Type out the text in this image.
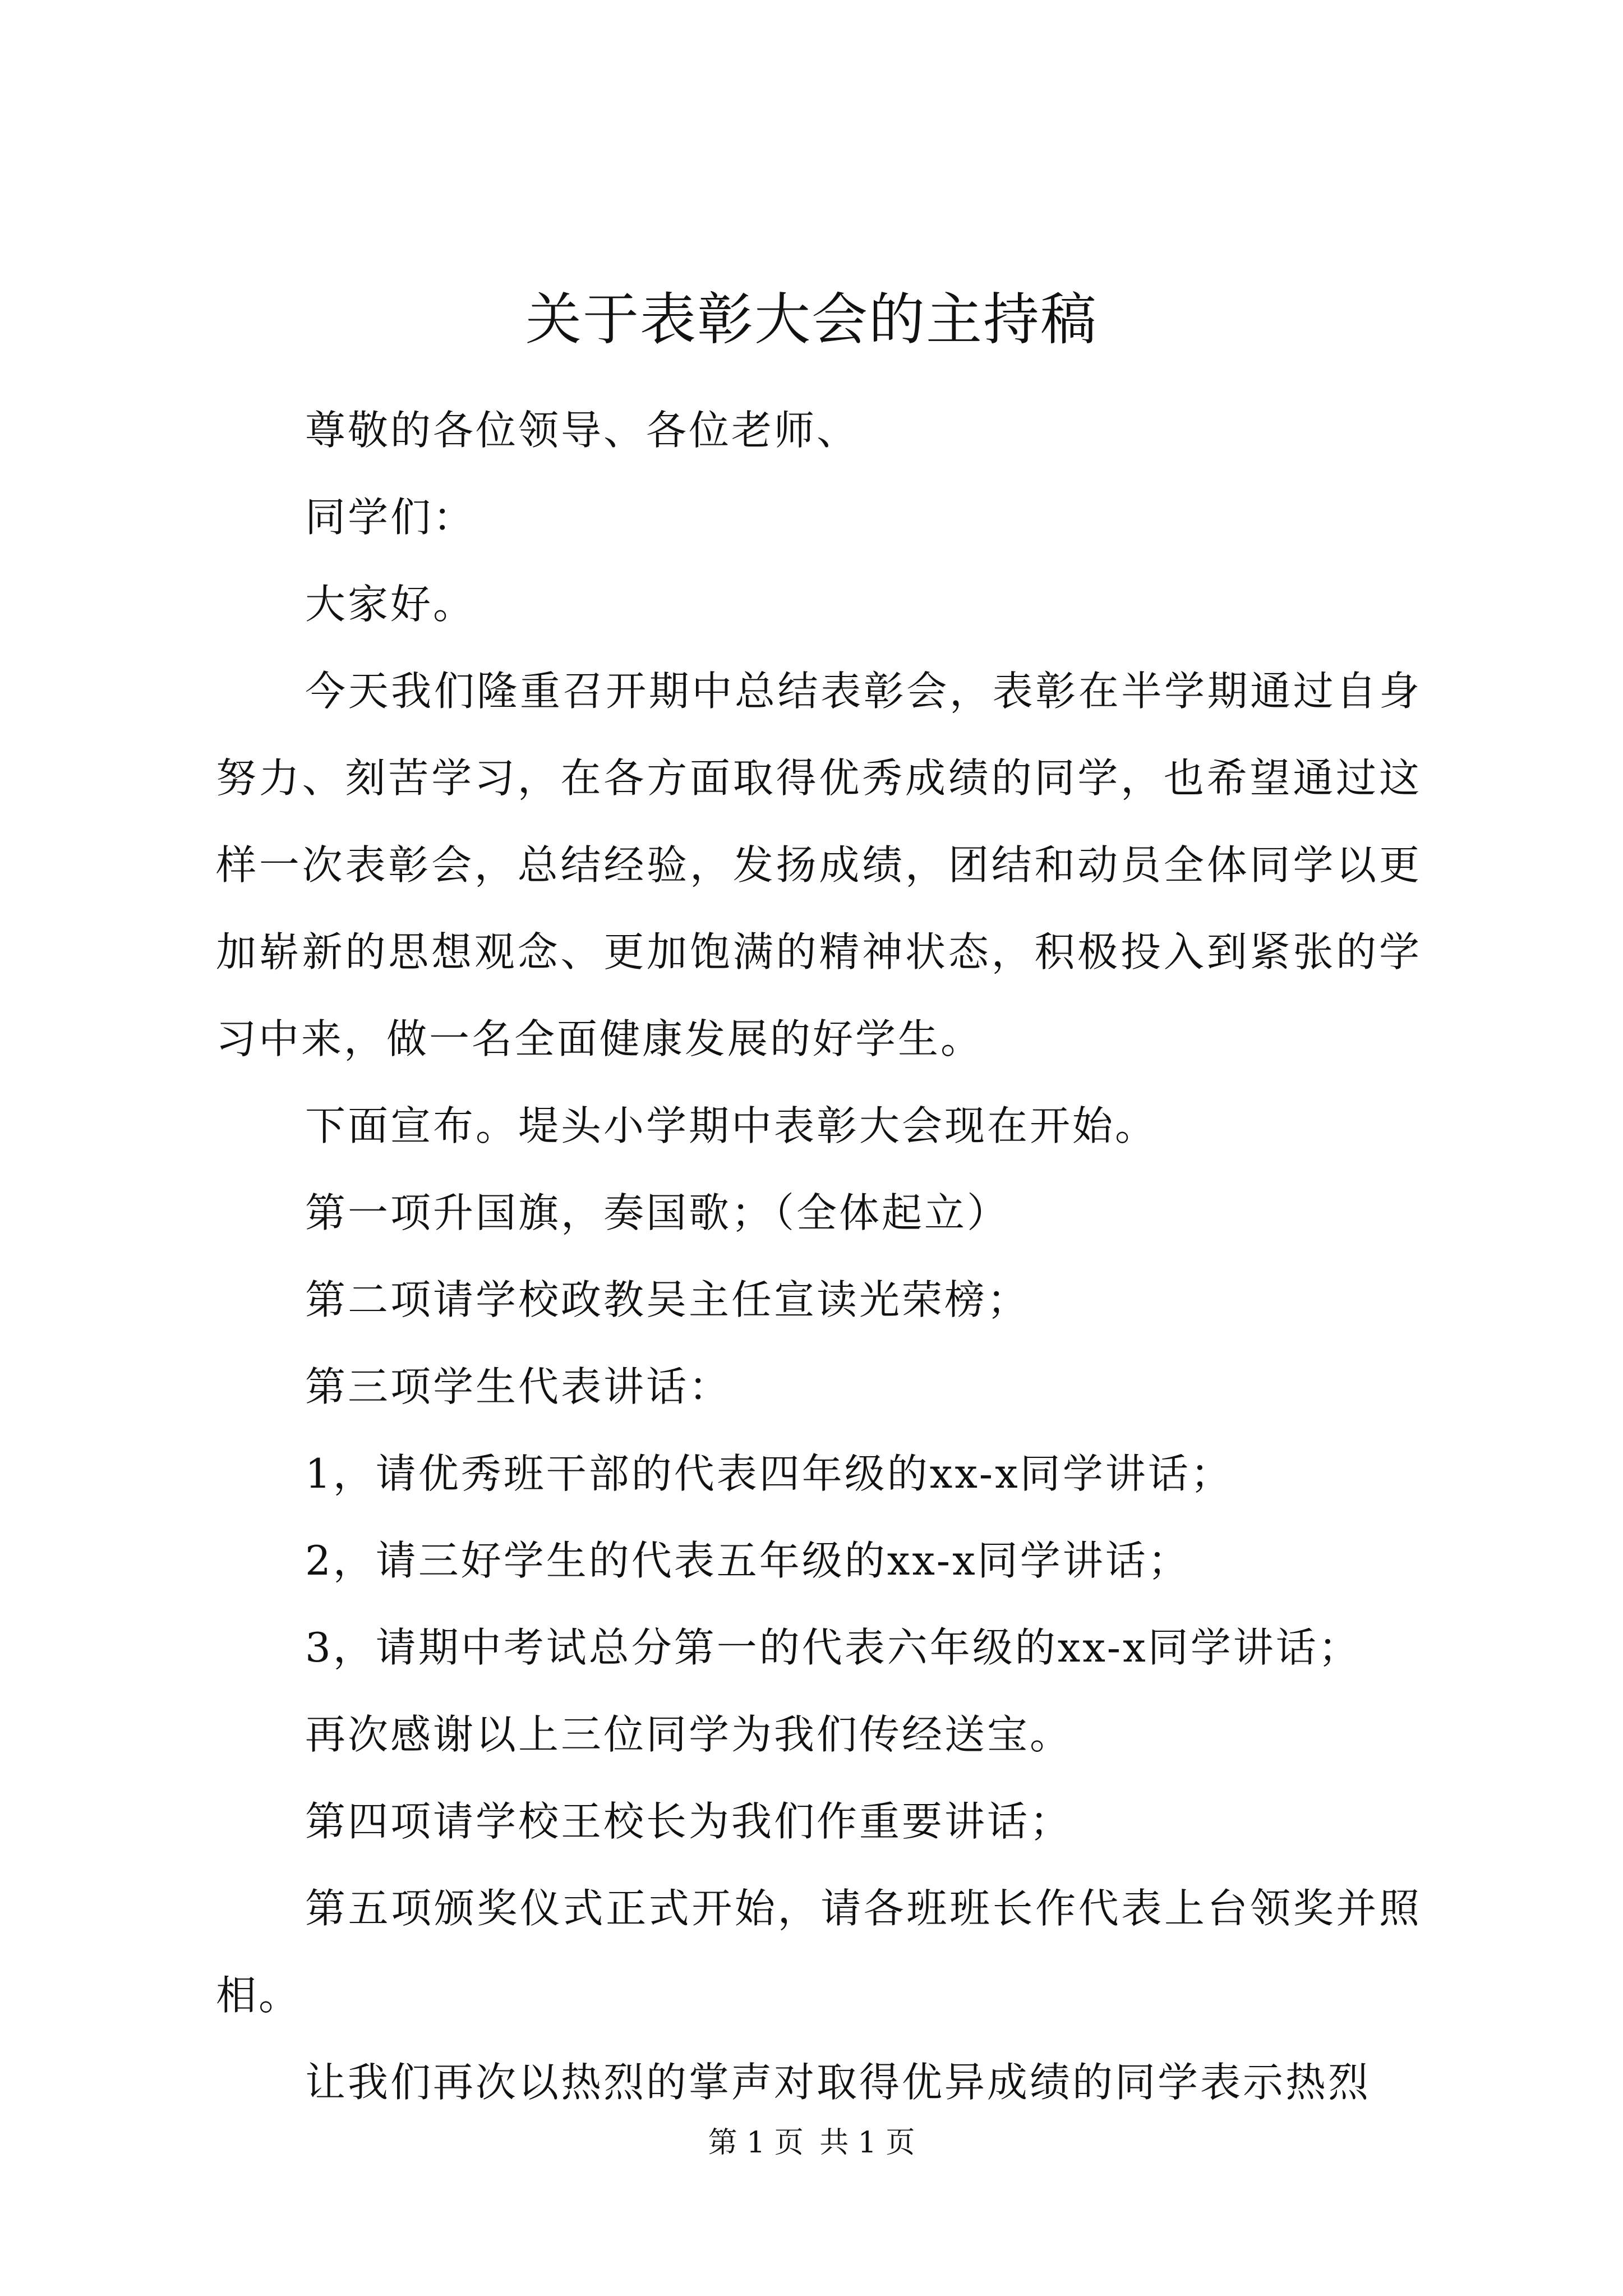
关于表彰大会的主持稿

尊敬的各位领导、各位老师、

同学们：

大家好。

今天我们隆重召开期中总结表彰会，表彰在半学期通过自身努力、刻苦学习，在各方面取得优秀成绩的同学，也希望通过这样一次表彰会，总结经验，发扬成绩，团结和动员全体同学以更加崭新的思想观念、更加饱满的精神状态，积极投入到紧张的学习中来，做一名全面健康发展的好学生。

下面宣布。堤头小学期中表彰大会现在开始。

第一项升国旗，奏国歌；（全体起立）

第二项请学校政教吴主任宣读光荣榜；

第三项学生代表讲话：

1，请优秀班干部的代表四年级的xx-x同学讲话；

2，请三好学生的代表五年级的xx-x同学讲话；

3，请期中考试总分第一的代表六年级的xx-x同学讲话；

再次感谢以上三位同学为我们传经送宝。

第四项请学校王校长为我们作重要讲话；

第五项颁奖仪式正式开始，请各班班长作代表上台领奖并照相。

让我们再次以热烈的掌声对取得优异成绩的同学表示热烈

第 1 页 共 1 页
